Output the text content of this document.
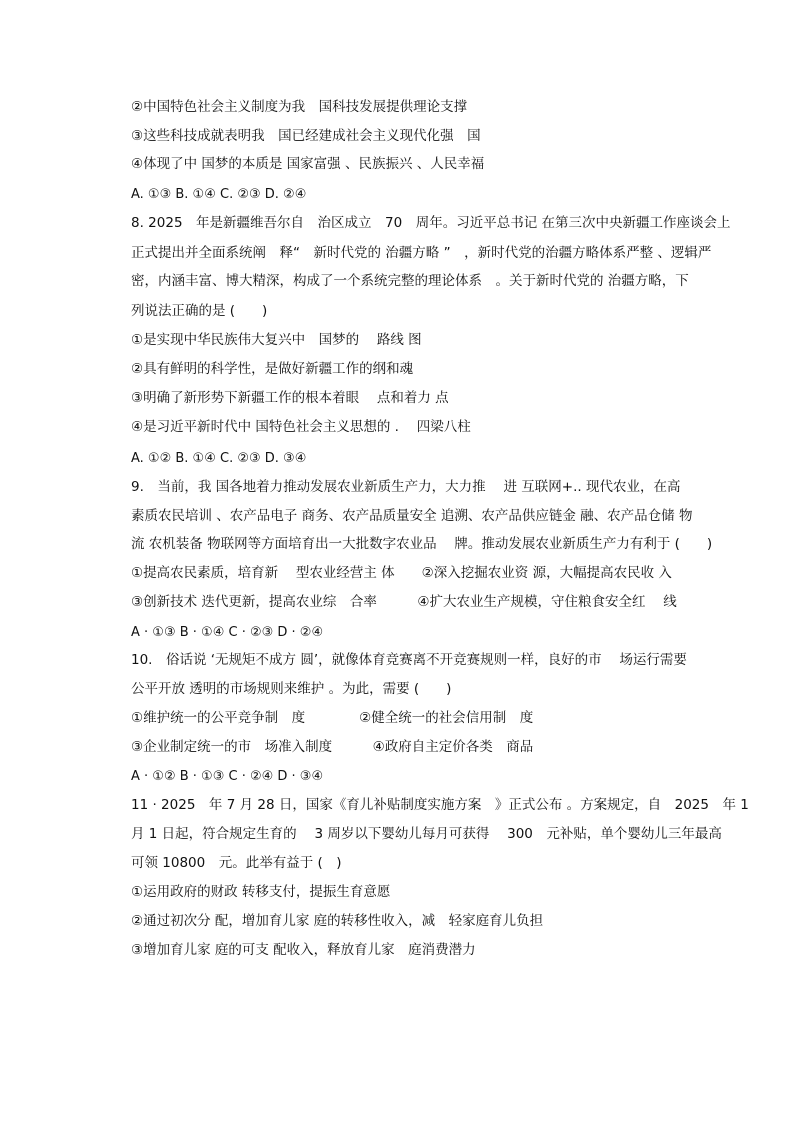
②中国特色社会主义制度为我　国科技发展提供理论支撑
③这些科技成就表明我　国已经建成社会主义现代化强　国
④体现了中 国梦的本质是 国家富强 、民族振兴 、人民幸福
A. ①③ B. ①④ C. ②③ D. ②④
8. 2025　年是新疆维吾尔自　治区成立　70　周年。习近平总书记 在第三次中央新疆工作座谈会上
正式提出并全面系统阐　释“　新时代党的 治疆方略 ”　，新时代党的治疆方略体系严整 、逻辑严
密，内涵丰富、博大精深，构成了一个系统完整的理论体系　。关于新时代党的 治疆方略，下
列说法正确的是 (　　)
①是实现中华民族伟大复兴中　国梦的　 路线 图
②具有鲜明的科学性，是做好新疆工作的纲和魂
③明确了新形势下新疆工作的根本着眼　 点和着力 点
④是习近平新时代中 国特色社会主义思想的 .　 四梁八柱
A. ①② B. ①④ C. ②③ D. ③④
9.　当前，我 国各地着力推动发展农业新质生产力，大力推　 进 互联网+.. 现代农业，在高
素质农民培训 、农产品电子 商务、农产品质量安全 追溯、农产品供应链金 融、农产品仓储 物
流 农机装备 物联网等方面培育出一大批数字农业品　 牌。推动发展农业新质生产力有利于 (　　)
①提高农民素质，培育新　 型农业经营主 体　　②深入挖掘农业资 源，大幅提高农民收 入
③创新技术 迭代更新，提高农业综　合率　　　④扩大农业生产规模，守住粮食安全红　 线
A · ①③ B · ①④ C · ②③ D · ②④
10.　俗话说 ‘无规矩不成方 圆’，就像体育竞赛离不开竞赛规则一样，良好的市　 场运行需要
公平开放 透明的市场规则来维护 。为此，需要 (　　)
①维护统一的公平竞争制　度　　　　②健全统一的社会信用制　度
③企业制定统一的市　场准入制度　　　④政府自主定价各类　商品
A · ①② B · ①③ C · ②④ D · ③④
11 · 2025　年 7 月 28 日，国家《育儿补贴制度实施方案　》正式公布 。方案规定，自　2025　年 1
月 1 日起，符合规定生育的　 3 周岁以下婴幼儿每月可获得　 300　元补贴，单个婴幼儿三年最高
可领 10800　元。此举有益于 (　)
①运用政府的财政 转移支付，提振生育意愿
②通过初次分 配，增加育儿家 庭的转移性收入，减　轻家庭育儿负担
③增加育儿家 庭的可支 配收入，释放育儿家　庭消费潜力
